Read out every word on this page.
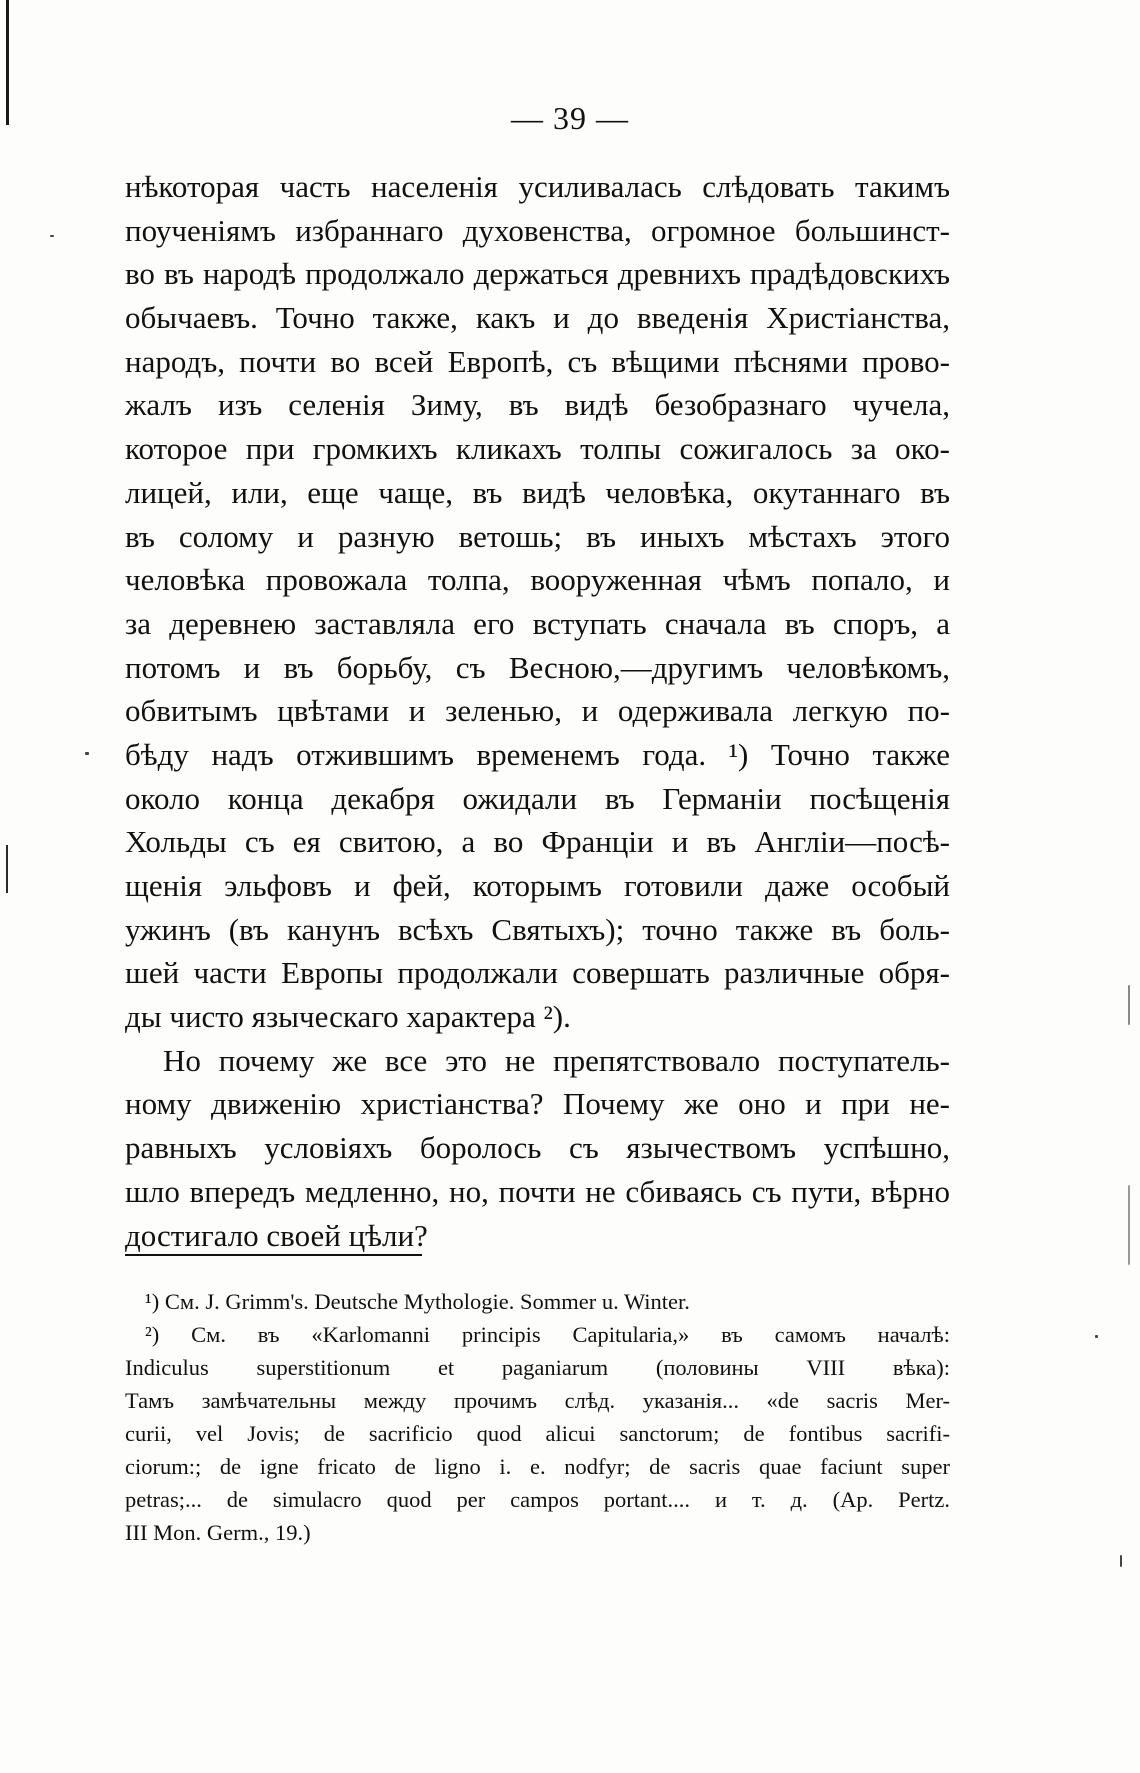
— 39 —
нѣкоторая часть населенія усиливалась слѣдовать такимъ
поученіямъ избраннаго духовенства, огромное большинст-
во въ народѣ продолжало держаться древнихъ прадѣдовскихъ
обычаевъ. Точно также, какъ и до введенія Христіанства,
народъ, почти во всей Европѣ, съ вѣщими пѣснями прово-
жалъ изъ селенія Зиму, въ видѣ безобразнаго чучела,
которое при громкихъ кликахъ толпы сожигалось за око-
лицей, или, еще чаще, въ видѣ человѣка, окутаннаго въ
въ солому и разную ветошь; въ иныхъ мѣстахъ этого
человѣка провожала толпа, вооруженная чѣмъ попало, и
за деревнею заставляла его вступать сначала въ споръ, а
потомъ и въ борьбу, съ Весною,—другимъ человѣкомъ,
обвитымъ цвѣтами и зеленью, и одерживала легкую по-
бѣду надъ отжившимъ временемъ года. ¹) Точно также
около конца декабря ожидали въ Германіи посѣщенія
Хольды съ ея свитою, а во Франціи и въ Англіи—посѣ-
щенія эльфовъ и фей, которымъ готовили даже особый
ужинъ (въ канунъ всѣхъ Святыхъ); точно также въ боль-
шей части Европы продолжали совершать различные обря-
ды чисто языческаго характера ²).
Но почему же все это не препятствовало поступатель-
ному движенію христіанства? Почему же оно и при не-
равныхъ условіяхъ боролось съ язычествомъ успѣшно,
шло впередъ медленно, но, почти не сбиваясь съ пути, вѣрно
достигало своей цѣли?
¹) См. J. Grimm's. Deutsche Mythologie. Sommer u. Winter.
²) См. въ «Karlomanni principis Capitularia,» въ самомъ началѣ:
Indiculus superstitionum et paganiarum (половины VIII вѣка):
Тамъ замѣчательны между прочимъ слѣд. указанія... «de sacris Mer-
curii, vel Jovis; de sacrificio quod alicui sanctorum; de fontibus sacrifi-
ciorum:; de igne fricato de ligno i. e. nodfyr; de sacris quae faciunt super
petras;... de simulacro quod per campos portant.... и т. д. (Ap. Pertz.
III Mon. Germ., 19.)
